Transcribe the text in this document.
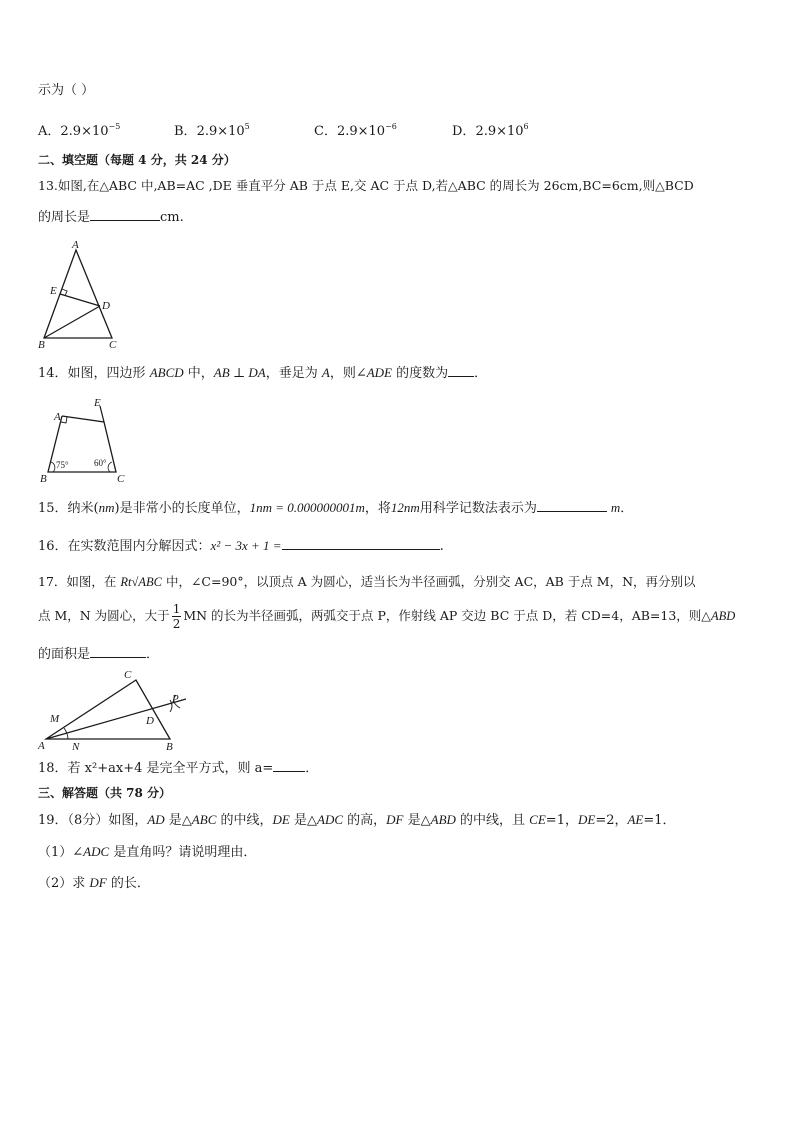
示为（ ）
A．$2.9\times 10^{-5}$	B．$2.9\times 10^5$	C．$2.9\times 10^{-6}$	D．$2.9\times 10^6$
二、填空题（每题 4 分，共 24 分）
13.如图,在△ABC 中,AB=AC ,DE 垂直平分 AB 于点 E,交 AC 于点 D,若△ABC 的周长为 26cm,BC=6cm,则△BCD
的周长是	cm.
A
B	C
D
E
14．如图，四边形 ABCD 中，AB ⊥ DA，垂足为 A，则∠ADE 的度数为 ．
A
E
B	C
75°	60°
15．纳米(nm)是非常小的长度单位，1nm = 0.000000001m，将12nm用科学记数法表示为	m．
16．在实数范围内分解因式：x² − 3x + 1 =	.
17．如图，在 Rt√ABC 中，∠C=90°，以顶点 A 为圆心，适当长为半径画弧，分别交 AC，AB 于点 M，N，再分别以
点 M，N 为圆心，大于 $\frac{1}{2}$ MN 的长为半径画弧，两弧交于点 P，作射线 AP 交边 BC 于点 D，若 CD=4，AB=13，则△ABD
的面积是	．
M
A N	B
C
D
P
18．若 x²+ax+4 是完全平方式，则 a= ．
三、解答题（共 78 分）
19．（8分）如图，AD 是△ABC 的中线，DE 是△ADC 的高，DF 是△ABD 的中线，且 CE=1，DE=2，AE=1．
（1）∠ADC 是直角吗？请说明理由．
（2）求 DF 的长．
